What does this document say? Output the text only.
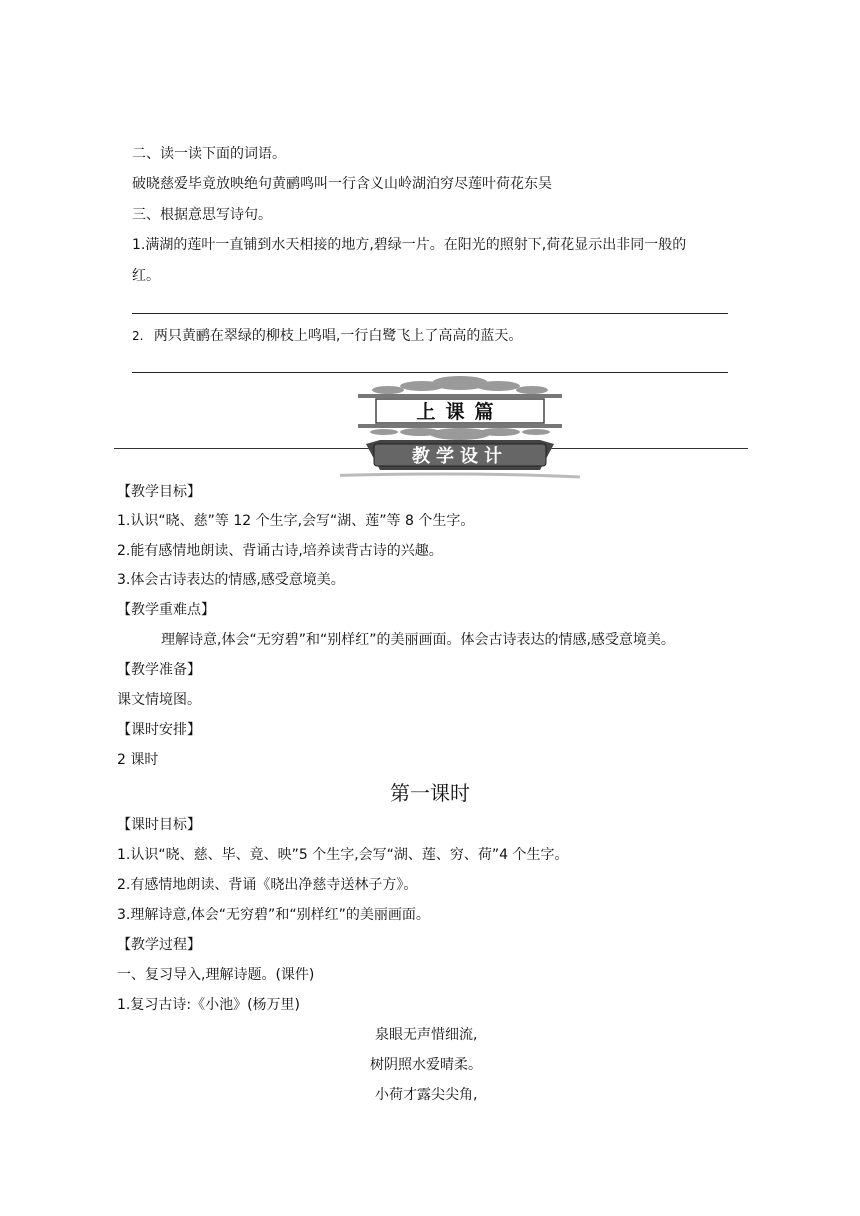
二、读一读下面的词语。
破晓慈爱毕竟放映绝句黄鹂鸣叫一行含义山岭湖泊穷尽莲叶荷花东吴
三、根据意思写诗句。
1.满湖的莲叶一直铺到水天相接的地方,碧绿一片。在阳光的照射下,荷花显示出非同一般的
红。
2. 两只黄鹂在翠绿的柳枝上鸣唱,一行白鹭飞上了高高的蓝天。
上课篇
教学设计
【教学目标】
1.认识“晓、慈”等 12 个生字,会写“湖、莲”等 8 个生字。
2.能有感情地朗读、背诵古诗,培养读背古诗的兴趣。
3.体会古诗表达的情感,感受意境美。
【教学重难点】
理解诗意,体会“无穷碧”和“别样红”的美丽画面。体会古诗表达的情感,感受意境美。
【教学准备】
课文情境图。
【课时安排】
2 课时
第一课时
【课时目标】
1.认识“晓、慈、毕、竟、映”5 个生字,会写“湖、莲、穷、荷”4 个生字。
2.有感情地朗读、背诵《晓出净慈寺送林子方》。
3.理解诗意,体会“无穷碧”和“别样红”的美丽画面。
【教学过程】
一、复习导入,理解诗题。(课件)
1.复习古诗:《小池》(杨万里)
泉眼无声惜细流,
树阴照水爱晴柔。
小荷才露尖尖角,
